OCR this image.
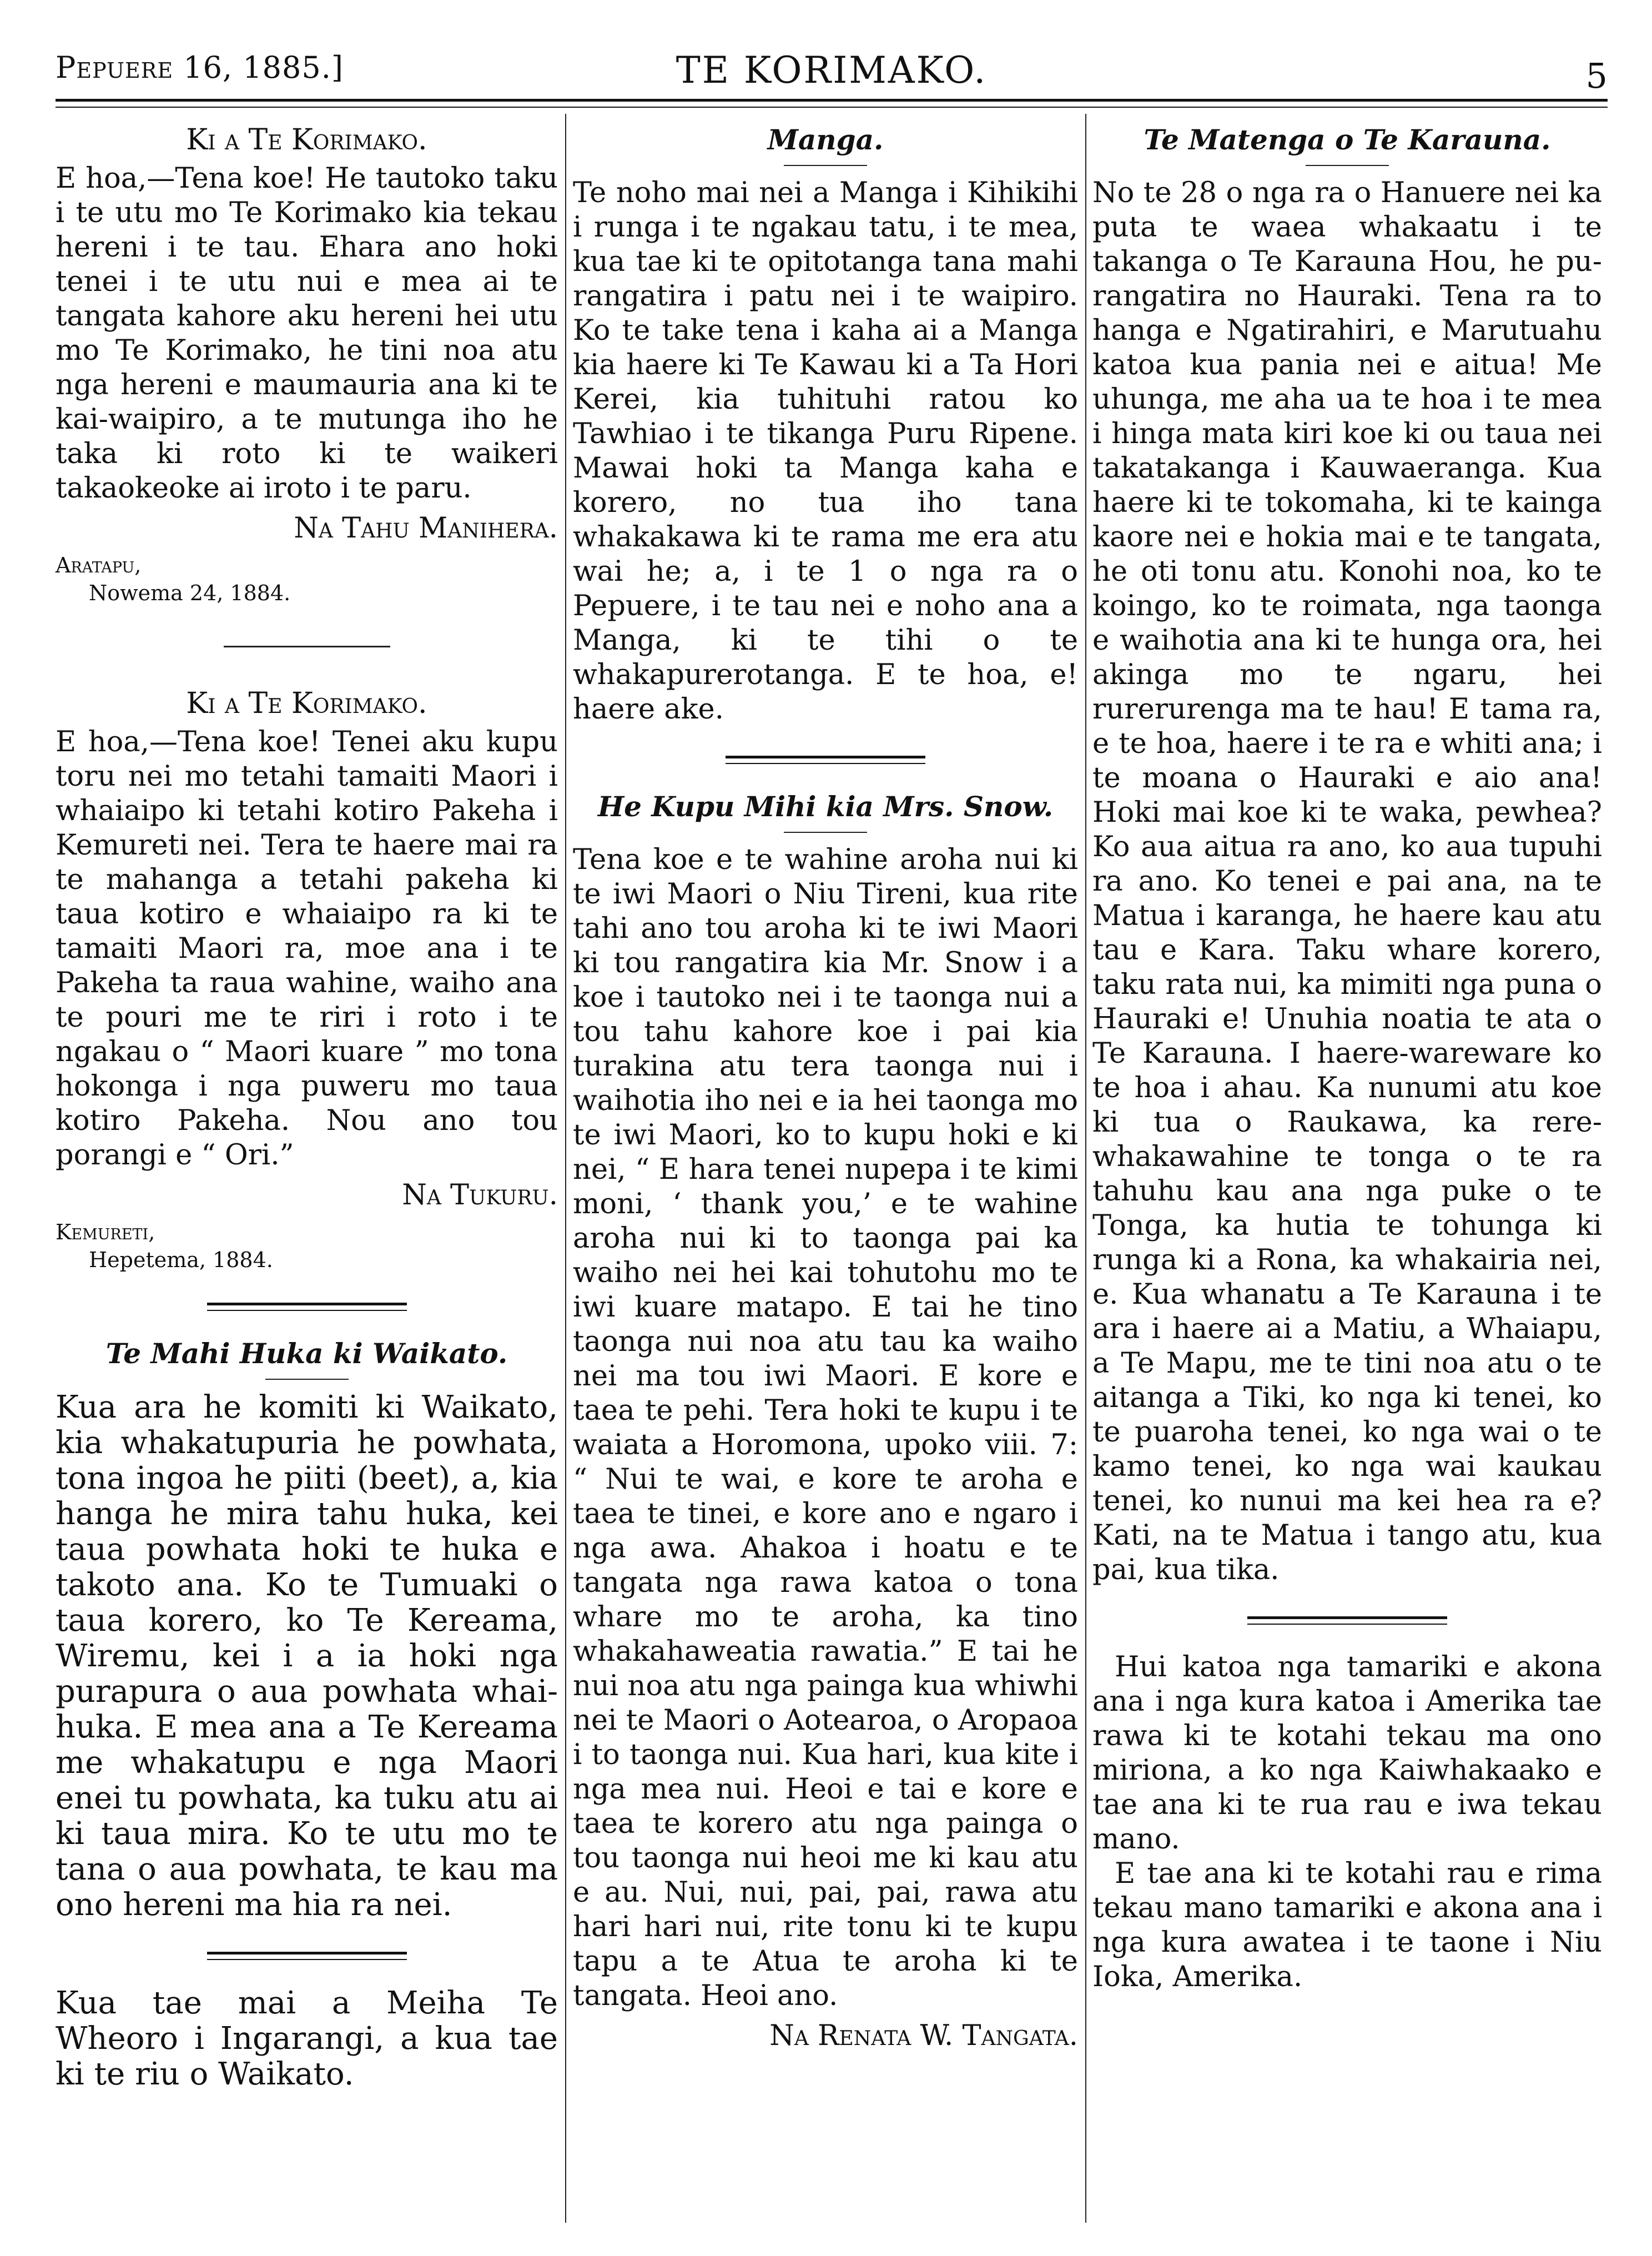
Pepuere 16, 1885.]	TE KORIMAKO.	5
Ki a Te Korimako.

E hoa,—Tena koe! He tautoko taku i te utu mo Te Korimako kia tekau hereni i te tau. Ehara ano hoki tenei i te utu nui e mea ai te tangata kahore aku hereni hei utu mo Te Korimako, he tini noa atu nga hereni e maumauria ana ki te kai-waipiro, a te mutunga iho he taka ki roto ki te waikeri takaokeoke ai iroto i te paru.

Na Tahu Manihera.

Aratapu,

Nowema 24, 1884.
Ki a Te Korimako.

E hoa,—Tena koe! Tenei aku kupu toru nei mo tetahi tamaiti Maori i whaiaipo ki tetahi kotiro Pakeha i Kemureti nei. Tera te haere mai ra te mahanga a tetahi pakeha ki taua kotiro e whaiaipo ra ki te tamaiti Maori ra, moe ana i te Pakeha ta raua wahine, waiho ana te pouri me te riri i roto i te ngakau o “ Maori kuare ” mo tona hokonga i nga puweru mo taua kotiro Pakeha. Nou ano tou porangi e “ Ori.”

Na Tukuru.

Kemureti,

Hepetema, 1884.
Te Mahi Huka ki Waikato.

Kua ara he komiti ki Waikato, kia whakatupuria he powhata, tona ingoa he piiti (beet), a, kia hanga he mira tahu huka, kei taua powhata hoki te huka e takoto ana. Ko te Tumuaki o taua korero, ko Te Kereama, Wiremu, kei i a ia hoki nga purapura o aua powhata whai-huka. E mea ana a Te Kereama me whakatupu e nga Maori enei tu powhata, ka tuku atu ai ki taua mira. Ko te utu mo te tana o aua powhata, te kau ma ono hereni ma hia ra nei.

Kua tae mai a Meiha Te Wheoro i Ingarangi, a kua tae ki te riu o Waikato.

Manga.

Te noho mai nei a Manga i Kihikihi i runga i te ngakau tatu, i te mea, kua tae ki te opitotanga tana mahi rangatira i patu nei i te waipiro. Ko te take tena i kaha ai a Manga kia haere ki Te Kawau ki a Ta Hori Kerei, kia tuhituhi ratou ko Tawhiao i te tikanga Puru Ripene. Mawai hoki ta Manga kaha e korero, no tua iho tana whakakawa ki te rama me era atu wai he; a, i te 1 o nga ra o Pepuere, i te tau nei e noho ana a Manga, ki te tihi o te whakapurerotanga. E te hoa, e! haere ake.

He Kupu Mihi kia Mrs. Snow.

Tena koe e te wahine aroha nui ki te iwi Maori o Niu Tireni, kua rite tahi ano tou aroha ki te iwi Maori ki tou rangatira kia Mr. Snow i a koe i tautoko nei i te taonga nui a tou tahu kahore koe i pai kia turakina atu tera taonga nui i waihotia iho nei e ia hei taonga mo te iwi Maori, ko to kupu hoki e ki nei, “ E hara tenei nupepa i te kimi moni, ‘ thank you,’ e te wahine aroha nui ki to taonga pai ka waiho nei hei kai tohutohu mo te iwi kuare matapo. E tai he tino taonga nui noa atu tau ka waiho nei ma tou iwi Maori. E kore e taea te pehi. Tera hoki te kupu i te waiata a Horomona, upoko viii. 7: “ Nui te wai, e kore te aroha e taea te tinei, e kore ano e ngaro i nga awa. Ahakoa i hoatu e te tangata nga rawa katoa o tona whare mo te aroha, ka tino whakahaweatia rawatia.” E tai he nui noa atu nga painga kua whiwhi nei te Maori o Aotearoa, o Aropaoa i to taonga nui. Kua hari, kua kite i nga mea nui. Heoi e tai e kore e taea te korero atu nga painga o tou taonga nui heoi me ki kau atu e au. Nui, nui, pai, pai, rawa atu hari hari nui, rite tonu ki te kupu tapu a te Atua te aroha ki te tangata. Heoi ano.

Na Renata W. Tangata.

Te Matenga o Te Karauna.

No te 28 o nga ra o Hanuere nei ka puta te waea whakaatu i te takanga o Te Karauna Hou, he pu-rangatira no Hauraki. Tena ra to hanga e Ngatirahiri, e Marutuahu katoa kua pania nei e aitua! Me uhunga, me aha ua te hoa i te mea i hinga mata kiri koe ki ou taua nei takatakanga i Kauwaeranga. Kua haere ki te tokomaha, ki te kainga kaore nei e hokia mai e te tangata, he oti tonu atu. Konohi noa, ko te koingo, ko te roimata, nga taonga e waihotia ana ki te hunga ora, hei akinga mo te ngaru, hei rurerurenga ma te hau! E tama ra, e te hoa, haere i te ra e whiti ana; i te moana o Hauraki e aio ana! Hoki mai koe ki te waka, pewhea? Ko aua aitua ra ano, ko aua tupuhi ra ano. Ko tenei e pai ana, na te Matua i karanga, he haere kau atu tau e Kara. Taku whare korero, taku rata nui, ka mimiti nga puna o Hauraki e! Unuhia noatia te ata o Te Karauna. I haere-wareware ko te hoa i ahau. Ka nunumi atu koe ki tua o Raukawa, ka rere-whakawahine te tonga o te ra tahuhu kau ana nga puke o te Tonga, ka hutia te tohunga ki runga ki a Rona, ka whakairia nei, e. Kua whanatu a Te Karauna i te ara i haere ai a Matiu, a Whaiapu, a Te Mapu, me te tini noa atu o te aitanga a Tiki, ko nga ki tenei, ko te puaroha tenei, ko nga wai o te kamo tenei, ko nga wai kaukau tenei, ko nunui ma kei hea ra e? Kati, na te Matua i tango atu, kua pai, kua tika.

Hui katoa nga tamariki e akona ana i nga kura katoa i Amerika tae rawa ki te kotahi tekau ma ono miriona, a ko nga Kaiwhakaako e tae ana ki te rua rau e iwa tekau mano.

E tae ana ki te kotahi rau e rima tekau mano tamariki e akona ana i nga kura awatea i te taone i Niu Ioka, Amerika.
